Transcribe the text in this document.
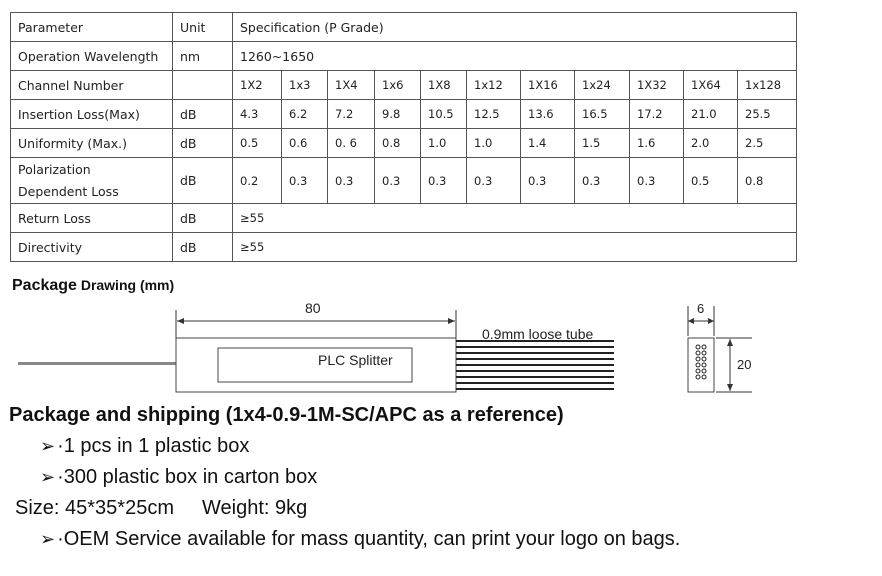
Parameter	Unit	Specification (P Grade)										
Operation Wavelength	nm	1260~1650										
Channel Number		1X2	1x3	1X4	1x6	1X8	1x12	1X16	1x24	1X32	1X64	1x128
Insertion Loss(Max)	dB	4.3	6.2	7.2	9.8	10.5	12.5	13.6	16.5	17.2	21.0	25.5
Uniformity (Max.)	dB	0.5	0.6	0. 6	0.8	1.0	1.0	1.4	1.5	1.6	2.0	2.5

Polarization
Dependent Loss	dB	0.2	0.3	0.3	0.3	0.3	0.3	0.3	0.3	0.3	0.5	0.8
Return Loss	dB	≥55										
Directivity	dB	≥55										
Package Drawing (mm)
80
PLC Splitter
0.9mm loose tube
6
20
Package and shipping (1x4-0.9-1M-SC/APC as a reference)
➢ ·1 pcs in 1 plastic box
➢ ·300 plastic box in carton box
Size: 45*35*25cm Weight: 9kg
➢ ·OEM Service available for mass quantity, can print your logo on bags.
